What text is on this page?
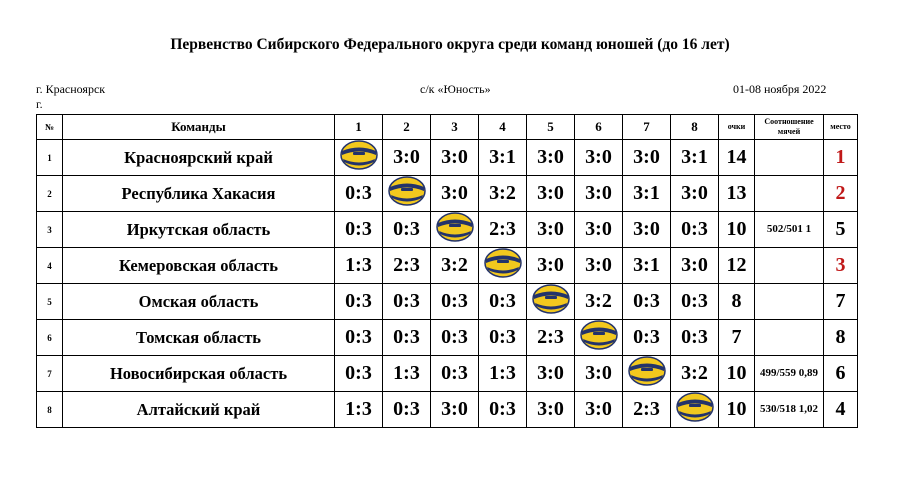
Первенство Сибирского Федерального округа среди команд юношей (до 16 лет)
г. Красноярск
г.
с/к «Юность»	01-08 ноября 2022
№	Команды	1	2	3	4	5	6	7	8	очки	Соотношение мячей	место
1	Красноярский край		3:0	3:0	3:1	3:0	3:0	3:0	3:1	14		1
2	Республика Хакасия	0:3		3:0	3:2	3:0	3:0	3:1	3:0	13		2
3	Иркутская область	0:3	0:3		2:3	3:0	3:0	3:0	0:3	10	502/501 1	5
4	Кемеровская область	1:3	2:3	3:2		3:0	3:0	3:1	3:0	12		3
5	Омская область	0:3	0:3	0:3	0:3		3:2	0:3	0:3	8		7
6	Томская область	0:3	0:3	0:3	0:3	2:3		0:3	0:3	7		8
7	Новосибирская область	0:3	1:3	0:3	1:3	3:0	3:0		3:2	10	499/559 0,89	6
8	Алтайский край	1:3	0:3	3:0	0:3	3:0	3:0	2:3		10	530/518 1,02	4
